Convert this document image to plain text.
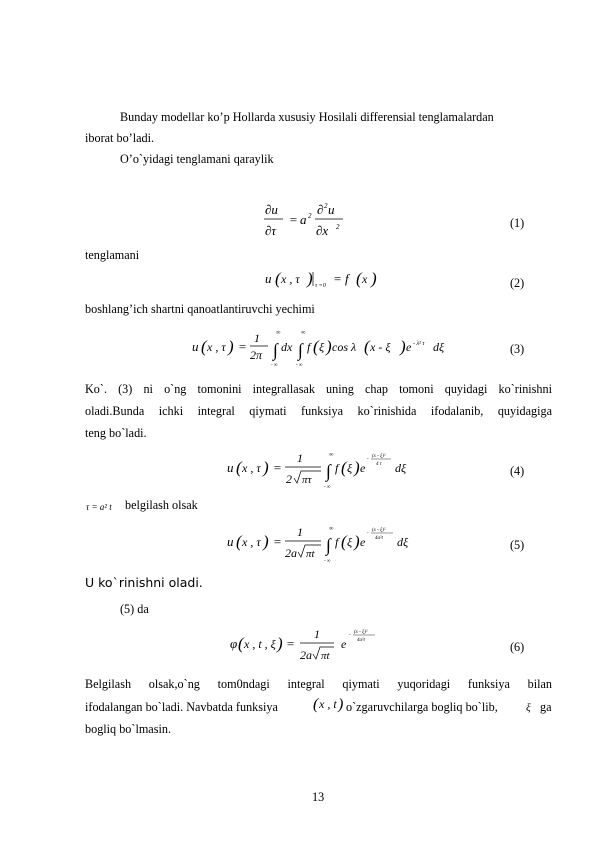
Bunday modellar ko’p Hollarda xususiy Hosilali differensial tenglamalardan
iborat bo’ladi.
O’o`yidagi tenglamani qaraylik
∂u
∂τ
= a 2 ∂ 2 u
∂x 2	(1)
tenglamani
u ( x , τ ) τ =0 = f ( x )	(2)
boshlang’ich shartni qanoatlantiruvchi yechimi
u ( x , τ ) =
1
2π ∫
∞
- ∞
dx ∫
∞
- ∞
f ( ξ ) cos λ ( x - ξ ) e - λ² τ dξ	(3)
Ko`. (3) ni o`ng tomonini integrallasak uning chap tomoni quyidagi ko`rinishni
oladi.Bunda ichki integral qiymati funksiya ko`rinishida ifodalanib, quyidagiga
teng bo`ladi.
u ( x , τ ) =
1
2 πτ ∫
∞
- ∞
f ( ξ ) e
-
(x - ξ)²
4 τ dξ	(4)
τ = a² t belgilash olsak
u ( x , τ ) =
1
2a πt ∫
∞
- ∞
f ( ξ ) e
-
(x - ξ)²
4a²t dξ	(5)
U ko`rinishni oladi.
(5) da
φ ( x , t , ξ ) =
1
2a πt
e
-
(x - ξ)²
4a²t	(6)
Belgilash olsak,o`ng tom0ndagi integral qiymati yuqoridagi funksiya bilan
ifodalangan bo`ladi. Navbatda funksiya ( x , t ) o`zgaruvchilarga bogliq bo`lib,	ξ ga
bogliq bo`lmasin.
13
